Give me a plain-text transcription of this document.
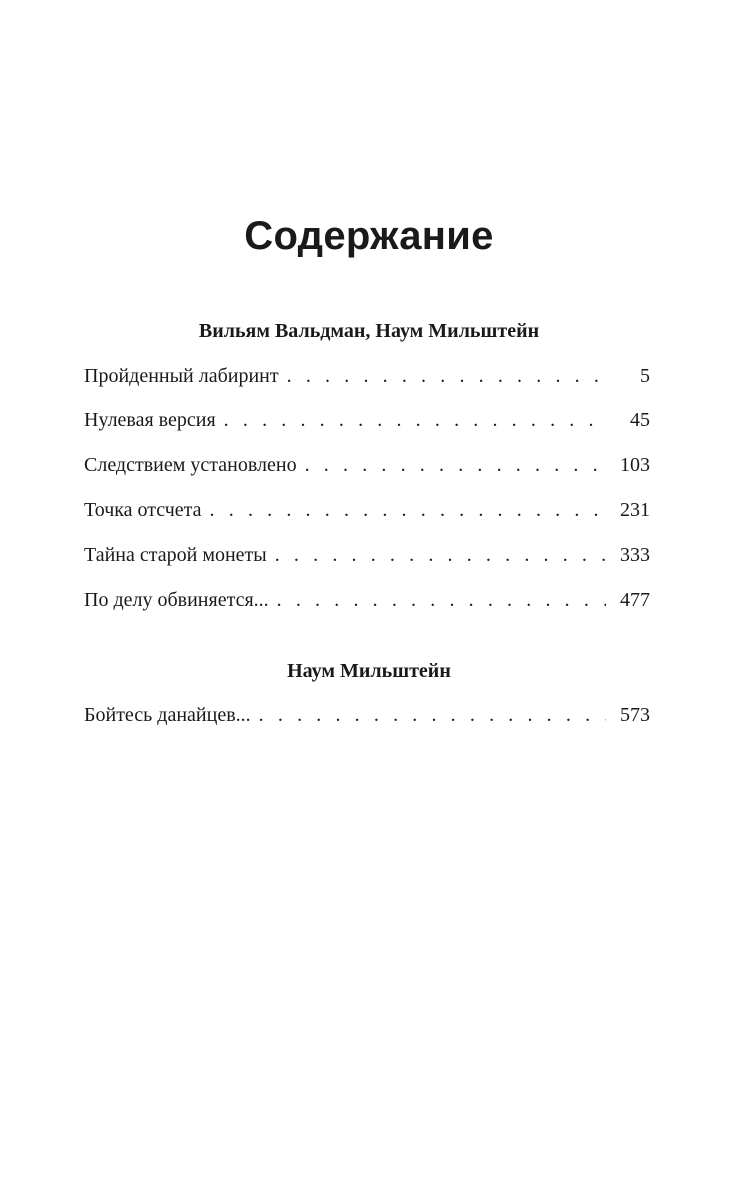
Содержание
Вильям Вальдман, Наум Мильштейн
Пройденный лабиринт . . .	5
Нулевая версия . . .	45
Следствием установлено . . .	103
Точка отсчета . . .	231
Тайна старой монеты . . .	333
По делу обвиняется... . . .	477
Наум Мильштейн
Бойтесь данайцев... . . .	573
